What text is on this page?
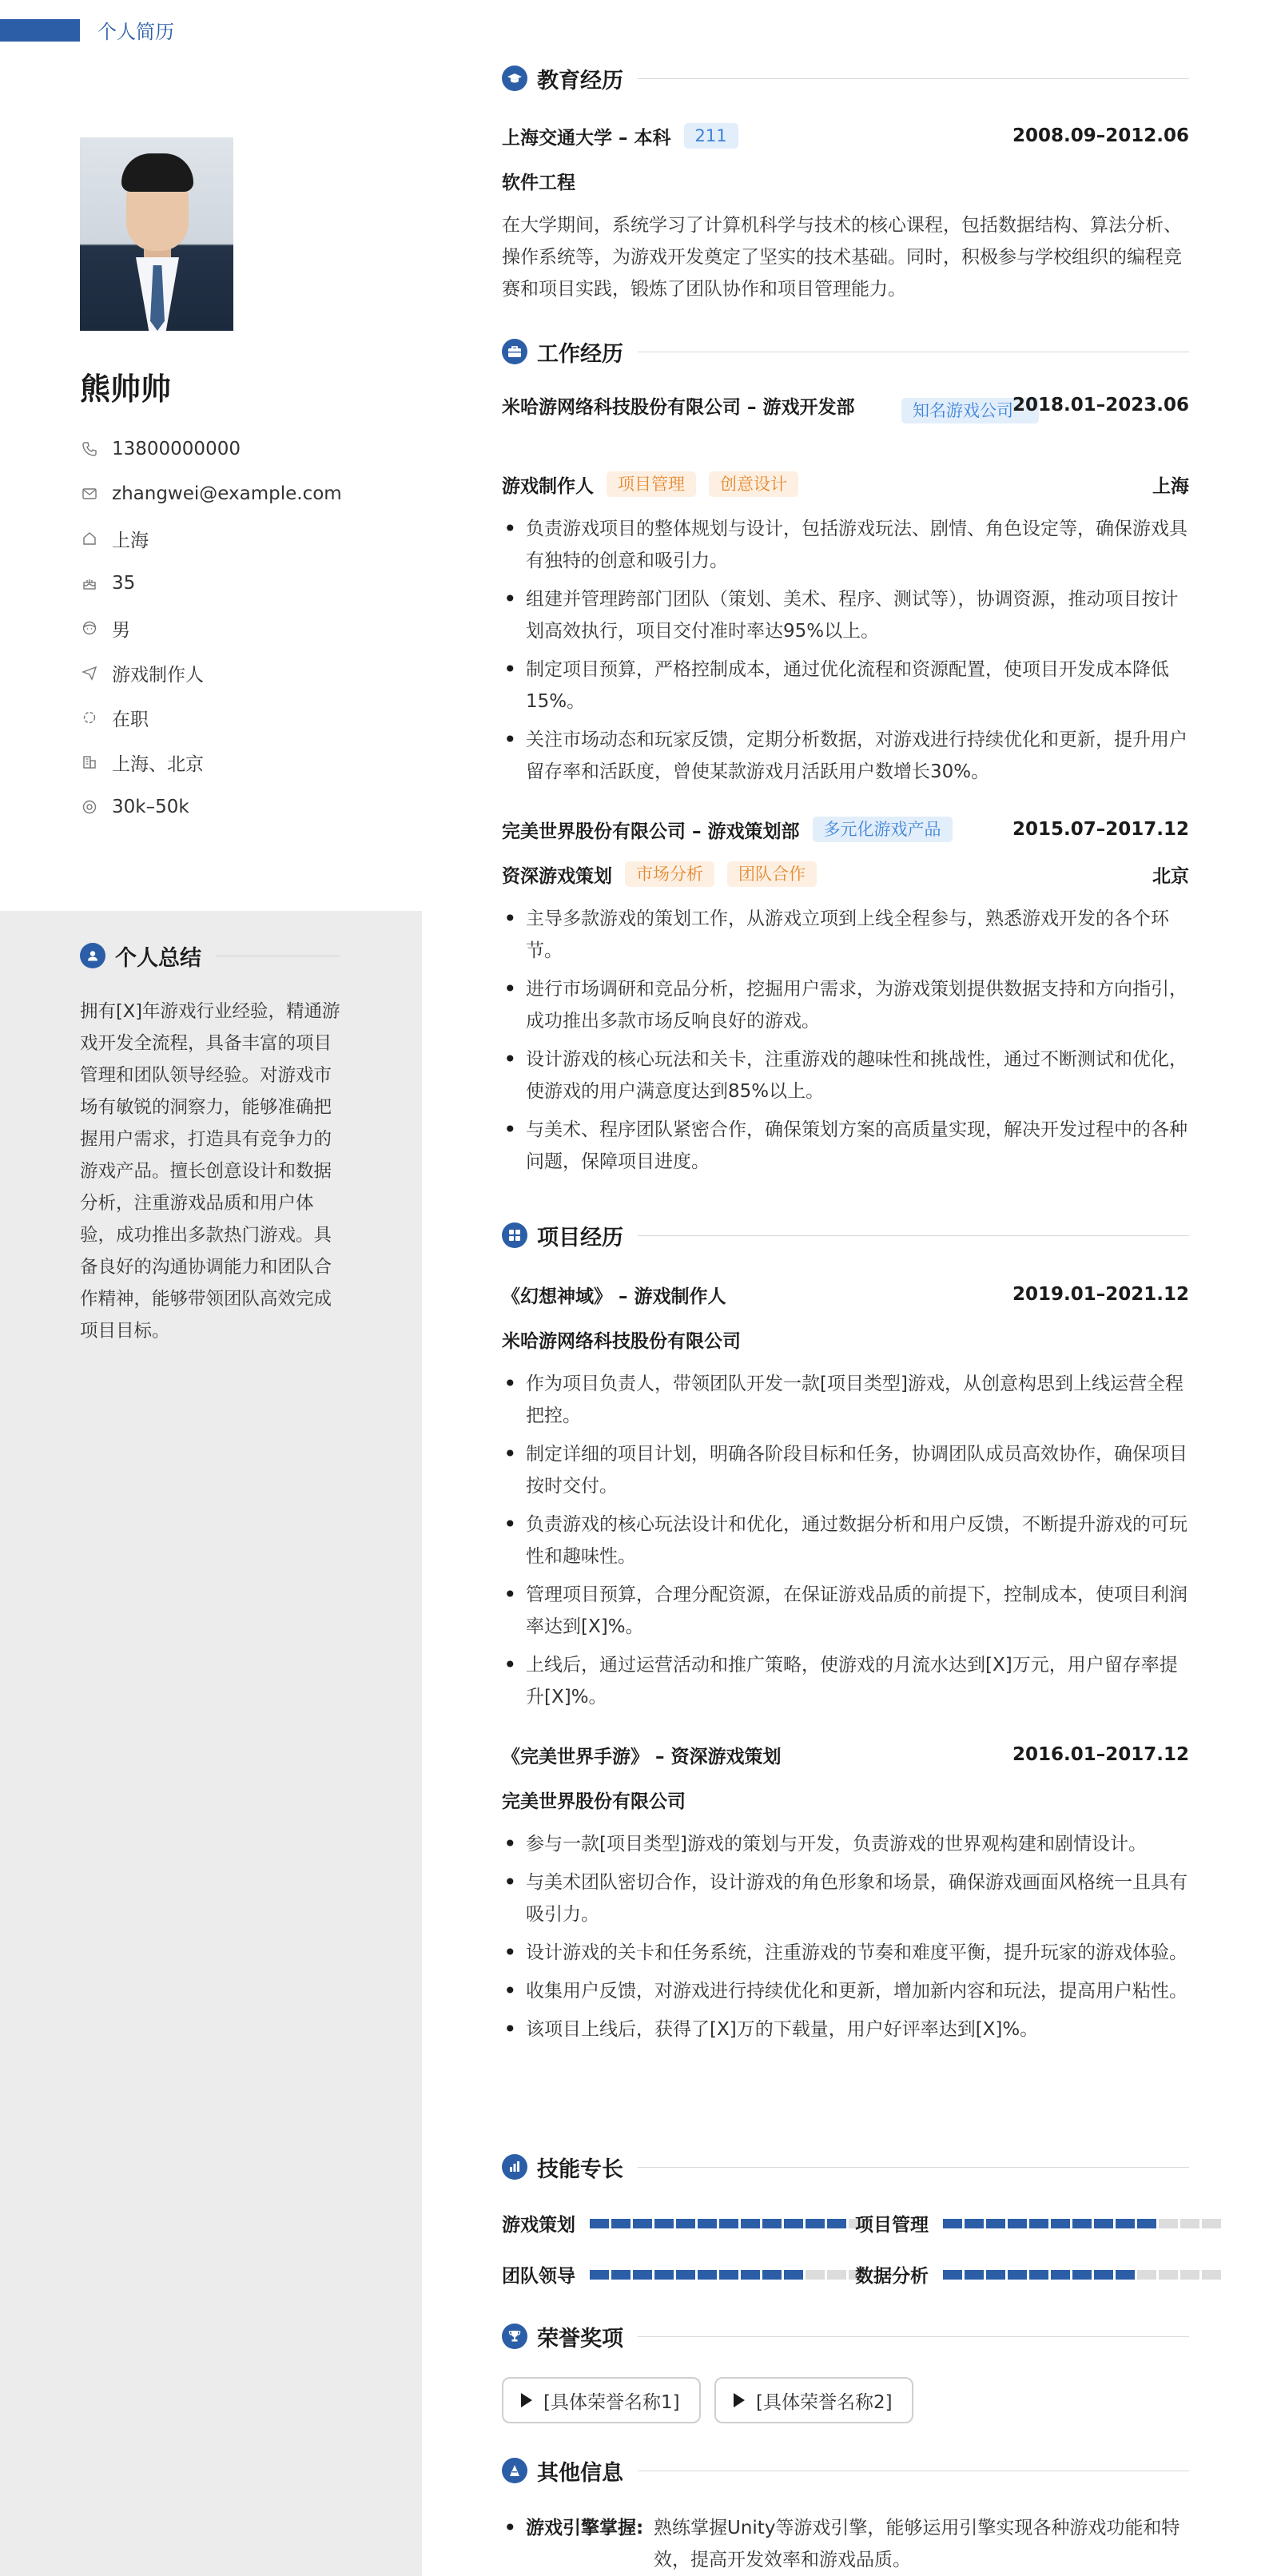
个人简历
熊帅帅
13800000000
zhangwei@example.com
上海
35
男
游戏制作人
在职
上海、北京
30k–50k
个人总结
拥有[X]年游戏行业经验，精通游戏开发全流程，具备丰富的项目管理和团队领导经验。对游戏市场有敏锐的洞察力，能够准确把握用户需求，打造具有竞争力的游戏产品。擅长创意设计和数据分析，注重游戏品质和用户体验，成功推出多款热门游戏。具备良好的沟通协调能力和团队合作精神，能够带领团队高效完成项目目标。
教育经历
上海交通大学 – 本科	211	2008.09–2012.06
软件工程
在大学期间，系统学习了计算机科学与技术的核心课程，包括数据结构、算法分析、操作系统等，为游戏开发奠定了坚实的技术基础。同时，积极参与学校组织的编程竞赛和项目实践，锻炼了团队协作和项目管理能力。
工作经历
米哈游网络科技股份有限公司 – 游戏开发部	知名游戏公司
2018.01–2023.06
游戏制作人	项目管理	创意设计	上海
• 负责游戏项目的整体规划与设计，包括游戏玩法、剧情、角色设定等，确保游戏具有独特的创意和吸引力。
• 组建并管理跨部门团队（策划、美术、程序、测试等），协调资源，推动项目按计划高效执行，项目交付准时率达95%以上。
• 制定项目预算，严格控制成本，通过优化流程和资源配置，使项目开发成本降低15%。
• 关注市场动态和玩家反馈，定期分析数据，对游戏进行持续优化和更新，提升用户留存率和活跃度，曾使某款游戏月活跃用户数增长30%。
完美世界股份有限公司 – 游戏策划部	多元化游戏产品	2015.07–2017.12
资深游戏策划	市场分析	团队合作	北京
• 主导多款游戏的策划工作，从游戏立项到上线全程参与，熟悉游戏开发的各个环节。
• 进行市场调研和竞品分析，挖掘用户需求，为游戏策划提供数据支持和方向指引，成功推出多款市场反响良好的游戏。
• 设计游戏的核心玩法和关卡，注重游戏的趣味性和挑战性，通过不断测试和优化，使游戏的用户满意度达到85%以上。
• 与美术、程序团队紧密合作，确保策划方案的高质量实现，解决开发过程中的各种问题，保障项目进度。
项目经历
《幻想神域》 – 游戏制作人	2019.01–2021.12
米哈游网络科技股份有限公司
• 作为项目负责人，带领团队开发一款[项目类型]游戏，从创意构思到上线运营全程把控。
• 制定详细的项目计划，明确各阶段目标和任务，协调团队成员高效协作，确保项目按时交付。
• 负责游戏的核心玩法设计和优化，通过数据分析和用户反馈，不断提升游戏的可玩性和趣味性。
• 管理项目预算，合理分配资源，在保证游戏品质的前提下，控制成本，使项目利润率达到[X]%。
• 上线后，通过运营活动和推广策略，使游戏的月流水达到[X]万元，用户留存率提升[X]%。
《完美世界手游》 – 资深游戏策划	2016.01–2017.12
完美世界股份有限公司
• 参与一款[项目类型]游戏的策划与开发，负责游戏的世界观构建和剧情设计。
• 与美术团队密切合作，设计游戏的角色形象和场景，确保游戏画面风格统一且具有吸引力。
• 设计游戏的关卡和任务系统，注重游戏的节奏和难度平衡，提升玩家的游戏体验。
• 收集用户反馈，对游戏进行持续优化和更新，增加新内容和玩法，提高用户粘性。
• 该项目上线后，获得了[X]万的下载量，用户好评率达到[X]%。
技能专长
游戏策划	项目管理
团队领导	数据分析
荣誉奖项
[具体荣誉名称1]	[具体荣誉名称2]
其他信息
• 游戏引擎掌握: 熟练掌握Unity等游戏引擎，能够运用引擎实现各种游戏功能和特效，提高开发效率和游戏品质。
